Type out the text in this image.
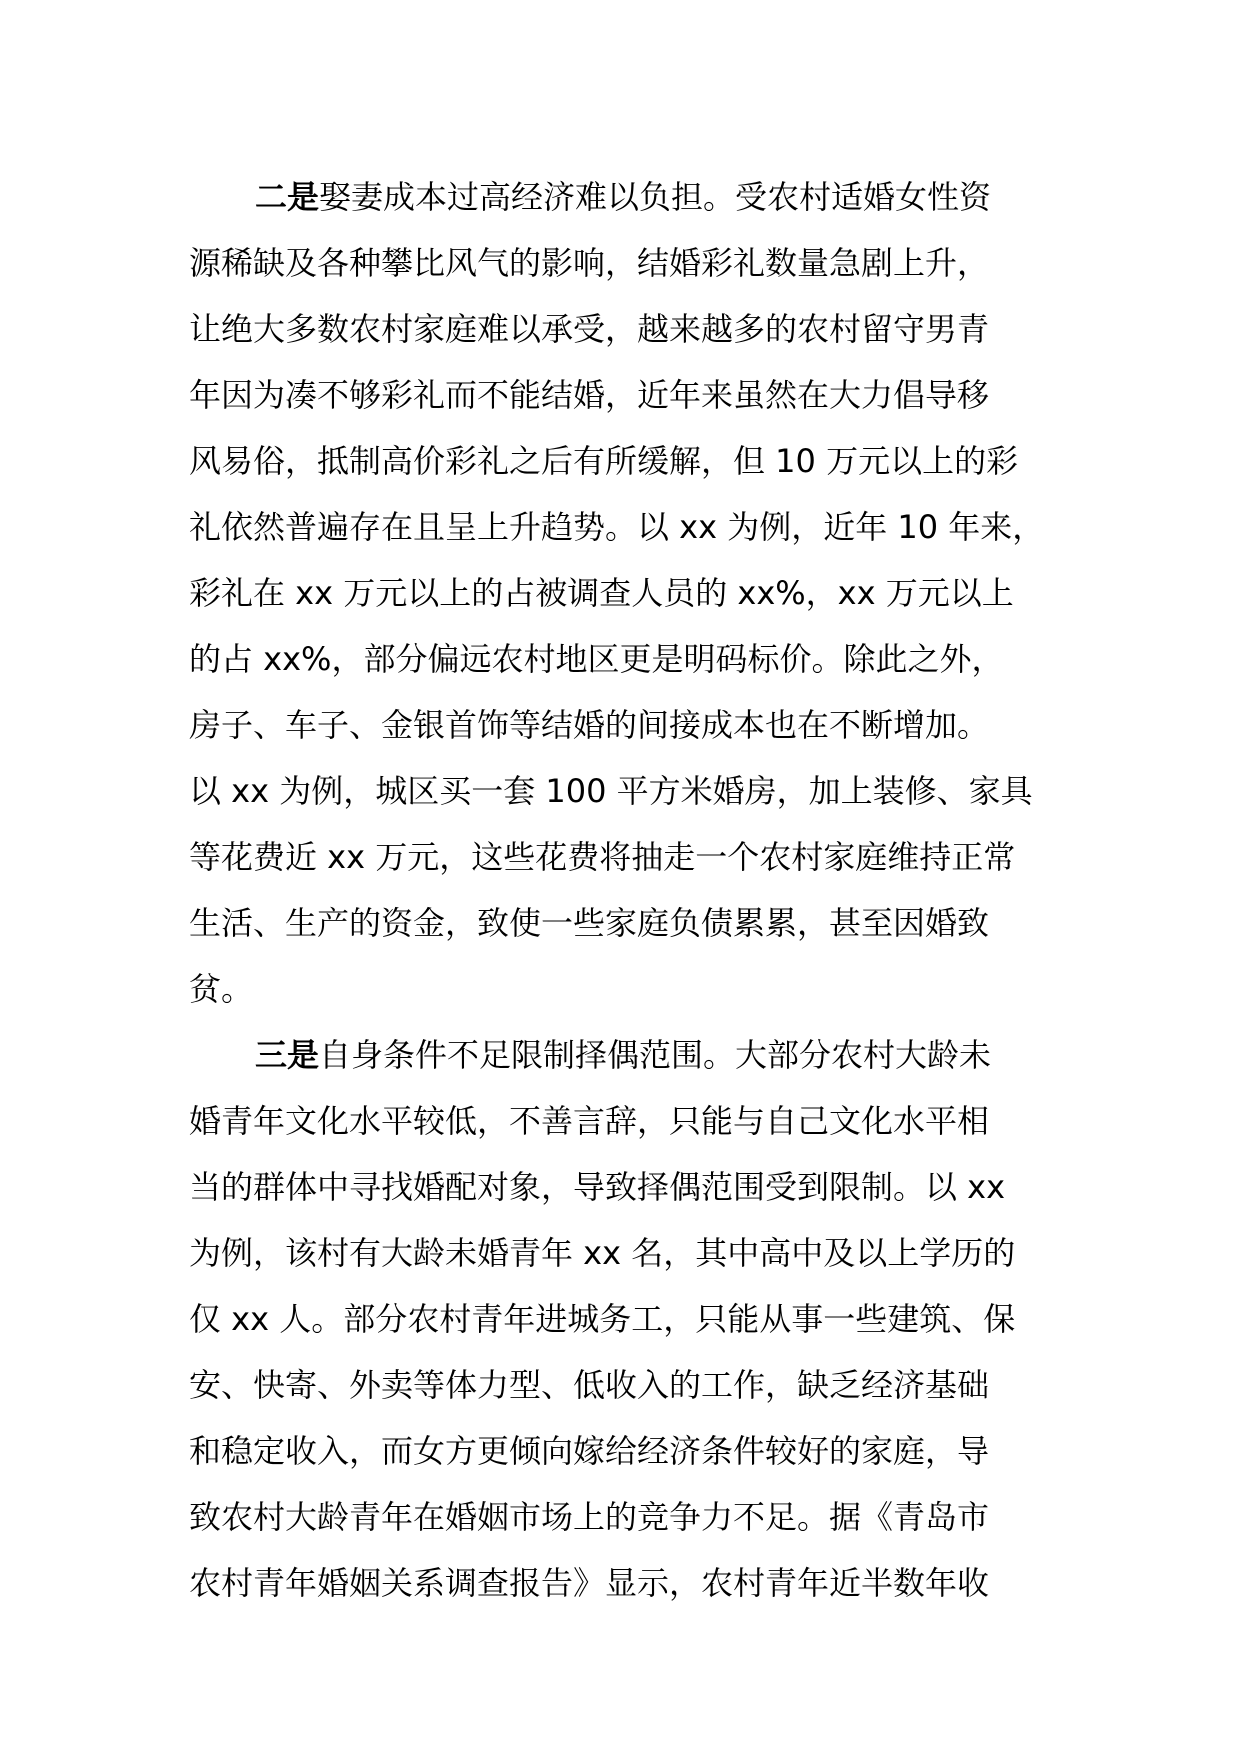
二是娶妻成本过高经济难以负担。受农村适婚女性资
源稀缺及各种攀比风气的影响，结婚彩礼数量急剧上升，
让绝大多数农村家庭难以承受，越来越多的农村留守男青
年因为凑不够彩礼而不能结婚，近年来虽然在大力倡导移
风易俗，抵制高价彩礼之后有所缓解，但 10 万元以上的彩
礼依然普遍存在且呈上升趋势。以 xx 为例，近年 10 年来，
彩礼在 xx 万元以上的占被调查人员的 xx%，xx 万元以上
的占 xx%，部分偏远农村地区更是明码标价。除此之外，
房子、车子、金银首饰等结婚的间接成本也在不断增加。
以 xx 为例，城区买一套 100 平方米婚房，加上装修、家具
等花费近 xx 万元，这些花费将抽走一个农村家庭维持正常
生活、生产的资金，致使一些家庭负债累累，甚至因婚致
贫。
三是自身条件不足限制择偶范围。大部分农村大龄未
婚青年文化水平较低，不善言辞，只能与自己文化水平相
当的群体中寻找婚配对象，导致择偶范围受到限制。以 xx
为例，该村有大龄未婚青年 xx 名，其中高中及以上学历的
仅 xx 人。部分农村青年进城务工，只能从事一些建筑、保
安、快寄、外卖等体力型、低收入的工作，缺乏经济基础
和稳定收入，而女方更倾向嫁给经济条件较好的家庭，导
致农村大龄青年在婚姻市场上的竞争力不足。据《青岛市
农村青年婚姻关系调查报告》显示，农村青年近半数年收
